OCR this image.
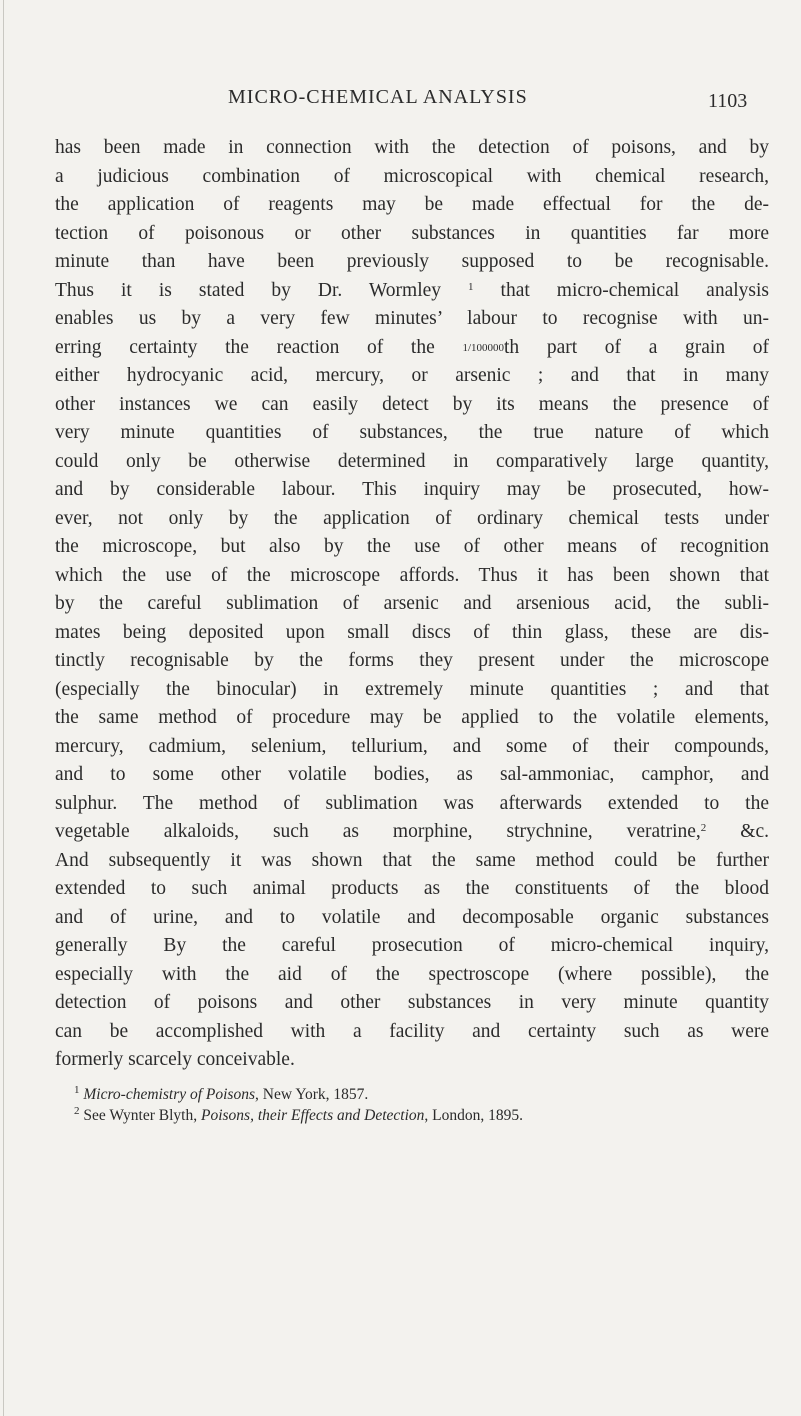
MICRO-CHEMICAL ANALYSIS	1103
has been made in connection with the detection of poisons, and by
a judicious combination of microscopical with chemical research,
the application of reagents may be made effectual for the de-
tection of poisonous or other substances in quantities far more
minute than have been previously supposed to be recognisable.
Thus it is stated by Dr. Wormley $^1$ that micro-chemical analysis
enables us by a very few minutes’ labour to recognise with un-
erring certainty the reaction of the	1/100000th part of a grain of
either hydrocyanic acid, mercury, or arsenic ; and that in many
other instances we can easily detect by its means the presence of
very minute quantities of substances, the true nature of which
could only be otherwise determined in comparatively large quantity,
and by considerable labour. This inquiry may be prosecuted, how-
ever, not only by the application of ordinary chemical tests under
the microscope, but also by the use of other means of recognition
which the use of the microscope affords. Thus it has been shown that
by the careful sublimation of arsenic and arsenious acid, the subli-
mates being deposited upon small discs of thin glass, these are dis-
tinctly recognisable by the forms they present under the microscope
(especially the binocular) in extremely minute quantities ; and that
the same method of procedure may be applied to the volatile elements,
mercury, cadmium, selenium, tellurium, and some of their compounds,
and to some other volatile bodies, as sal-ammoniac, camphor, and
sulphur. The method of sublimation was afterwards extended to the
vegetable alkaloids, such as morphine, strychnine, veratrine,$^2$ &c.
And subsequently it was shown that the same method could be further
extended to such animal products as the constituents of the blood
and of urine, and to volatile and decomposable organic substances
generally By the careful prosecution of micro-chemical inquiry,
especially with the aid of the spectroscope (where possible), the
detection of poisons and other substances in very minute quantity
can be accomplished with a facility and certainty such as were
formerly scarcely conceivable.
$^1$ Micro-chemistry of Poisons, New York, 1857.
$^2$ See Wynter Blyth, Poisons, their Effects and Detection, London, 1895.
